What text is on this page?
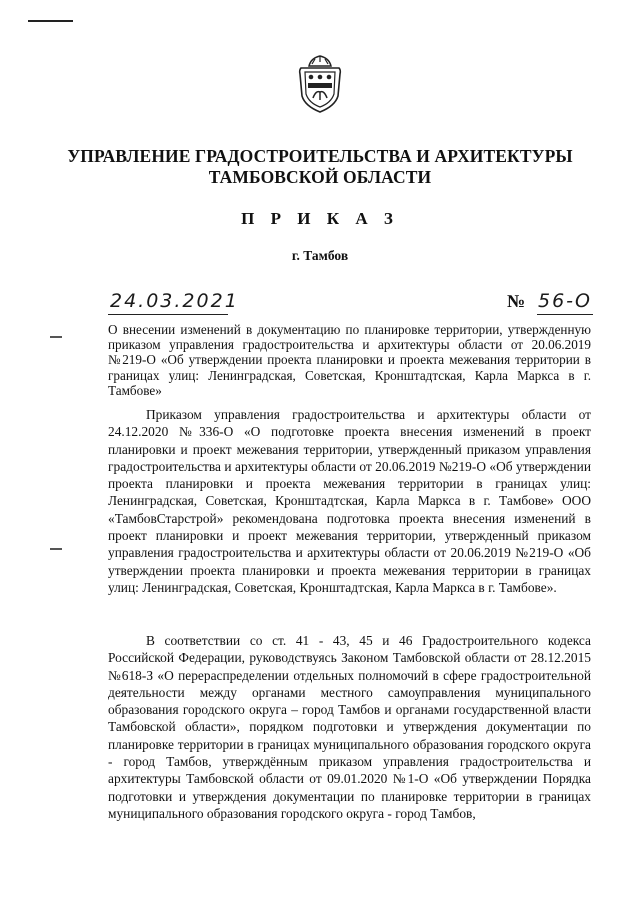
УПРАВЛЕНИЕ ГРАДОСТРОИТЕЛЬСТВА И АРХИТЕКТУРЫ
ТАМБОВСКОЙ ОБЛАСТИ
П Р И К А З
г. Тамбов
24.03.2021	№ 56-О
О внесении изменений в документацию по планировке территории, утвержденную приказом управления градостроительства и архитектуры области от 20.06.2019 №219-О «Об утверждении проекта планировки и проекта межевания территории в границах улиц: Ленинградская, Советская, Кронштадтская, Карла Маркса в г. Тамбове»

Приказом управления градостроительства и архитектуры области от 24.12.2020 №336-О «О подготовке проекта внесения изменений в проект планировки и проект межевания территории, утвержденный приказом управления градостроительства и архитектуры области от 20.06.2019 №219-О «Об утверждении проекта планировки и проекта межевания территории в границах улиц: Ленинградская, Советская, Кронштадтская, Карла Маркса в г. Тамбове» ООО «ТамбовСтарстрой» рекомендована подготовка проекта внесения изменений в проект планировки и проект межевания территории, утвержденный приказом управления градостроительства и архитектуры области от 20.06.2019 №219-О «Об утверждении проекта планировки и проекта межевания территории в границах улиц: Ленинградская, Советская, Кронштадтская, Карла Маркса в г. Тамбове».

В соответствии со ст. 41 - 43, 45 и 46 Градостроительного кодекса Российской Федерации, руководствуясь Законом Тамбовской области от 28.12.2015 №618-З «О перераспределении отдельных полномочий в сфере градостроительной деятельности между органами местного самоуправления муниципального образования городского округа – город Тамбов и органами государственной власти Тамбовской области», порядком подготовки и утверждения документации по планировке территории в границах муниципального образования городского округа - город Тамбов, утверждённым приказом управления градостроительства и архитектуры Тамбовской области от 09.01.2020 №1-О «Об утверждении Порядка подготовки и утверждения документации по планировке территории в границах муниципального образования городского округа - город Тамбов,
